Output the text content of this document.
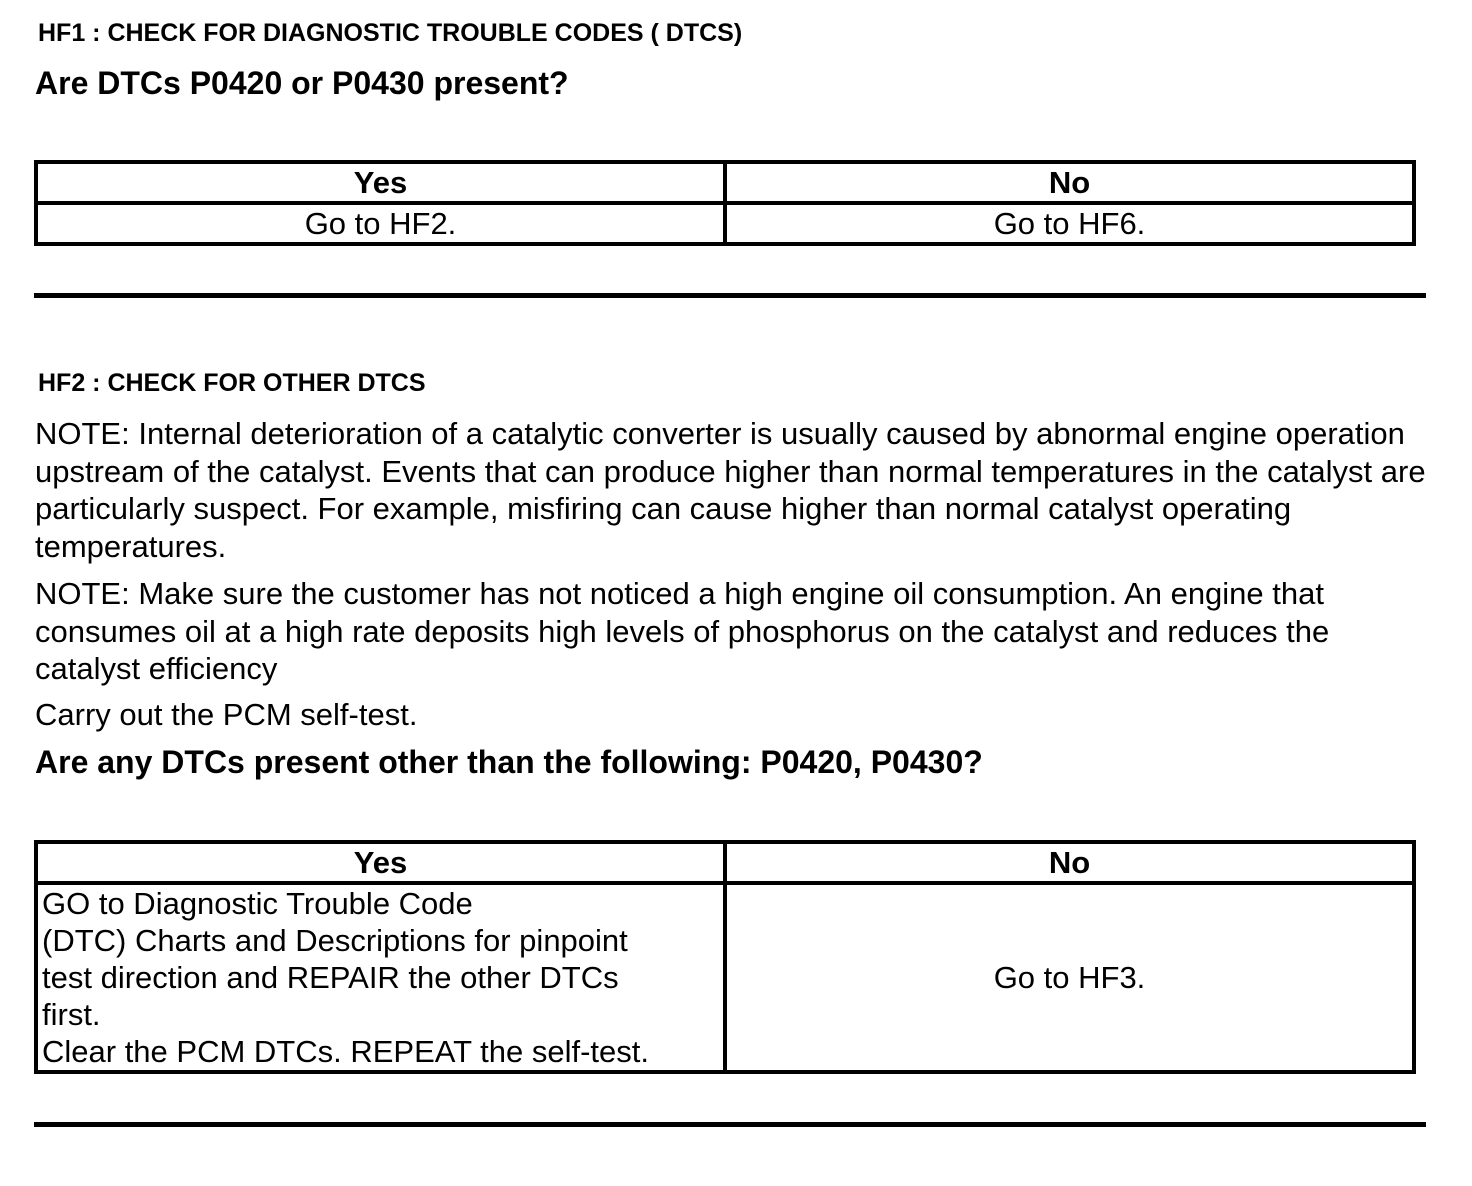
HF1 : CHECK FOR DIAGNOSTIC TROUBLE CODES ( DTCS)
Are DTCs P0420 or P0430 present?
Yes	No
Go to HF2.	Go to HF6.
HF2 : CHECK FOR OTHER DTCS
NOTE: Internal deterioration of a catalytic converter is usually caused by abnormal engine operation upstream of the catalyst. Events that can produce higher than normal temperatures in the catalyst are particularly suspect. For example, misfiring can cause higher than normal catalyst operating temperatures.
NOTE: Make sure the customer has not noticed a high engine oil consumption. An engine that consumes oil at a high rate deposits high levels of phosphorus on the catalyst and reduces the catalyst efficiency
Carry out the PCM self-test.
Are any DTCs present other than the following: P0420, P0430?
Yes	No

GO to Diagnostic Trouble Code
(DTC) Charts and Descriptions for pinpoint
test direction and REPAIR the other DTCs
first.
Clear the PCM DTCs. REPEAT the self-test.	Go to HF3.
